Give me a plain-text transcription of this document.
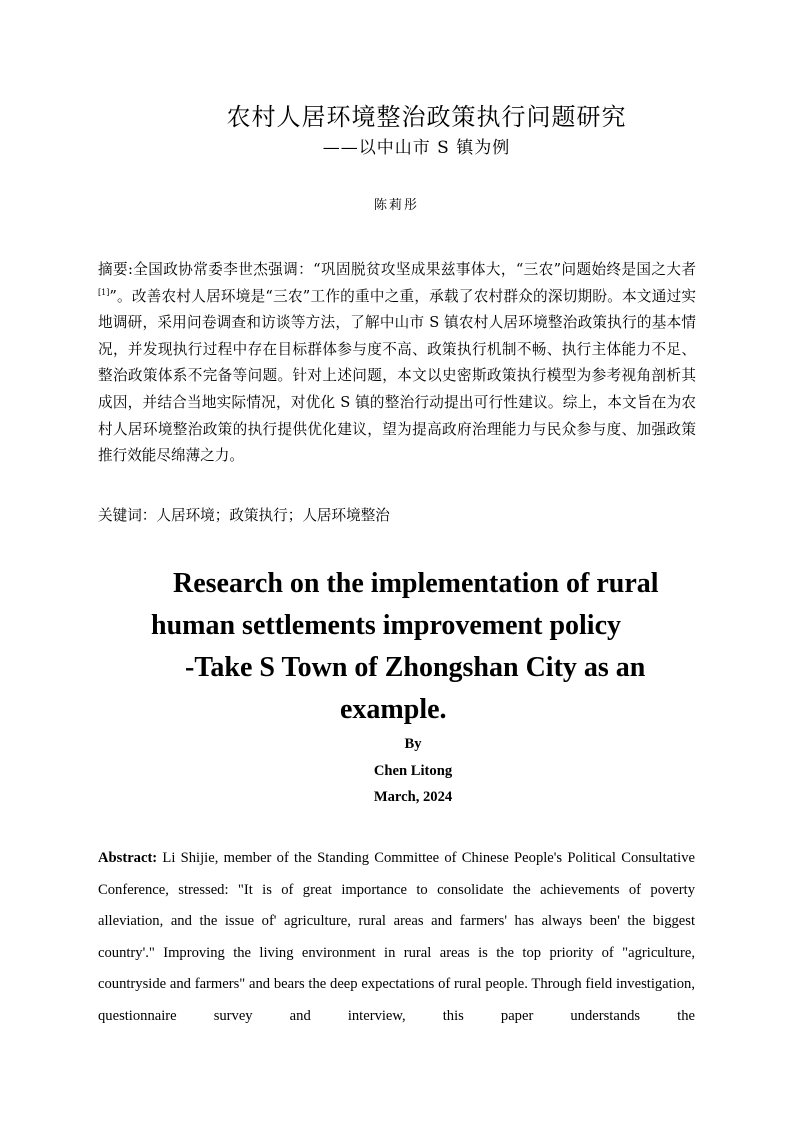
农村人居环境整治政策执行问题研究
——以中山市 S 镇为例
陈莉彤
摘要:全国政协常委李世杰强调：“巩固脱贫攻坚成果兹事体大，“三农”问题始终是国之大者[1]”。改善农村人居环境是“三农”工作的重中之重，承载了农村群众的深切期盼。本文通过实地调研，采用问卷调查和访谈等方法，了解中山市 S 镇农村人居环境整治政策执行的基本情况，并发现执行过程中存在目标群体参与度不高、政策执行机制不畅、执行主体能力不足、整治政策体系不完备等问题。针对上述问题，本文以史密斯政策执行模型为参考视角剖析其成因，并结合当地实际情况，对优化 S 镇的整治行动提出可行性建议。综上，本文旨在为农村人居环境整治政策的执行提供优化建议，望为提高政府治理能力与民众参与度、加强政策推行效能尽绵薄之力。
关键词：人居环境；政策执行；人居环境整治
Research on the implementation of rural
human settlements improvement policy
-Take S Town of Zhongshan City as an
example.
By
Chen Litong
March, 2024
Abstract: Li Shijie, member of the Standing Committee of Chinese People's Political Consultative Conference, stressed: "It is of great importance to consolidate the achievements of poverty alleviation, and the issue of' agriculture, rural areas and farmers' has always been' the biggest country'." Improving the living environment in rural areas is the top priority of "agriculture, countryside and farmers" and bears the deep expectations of rural people. Through field investigation, questionnaire survey and interview, this paper understands the
